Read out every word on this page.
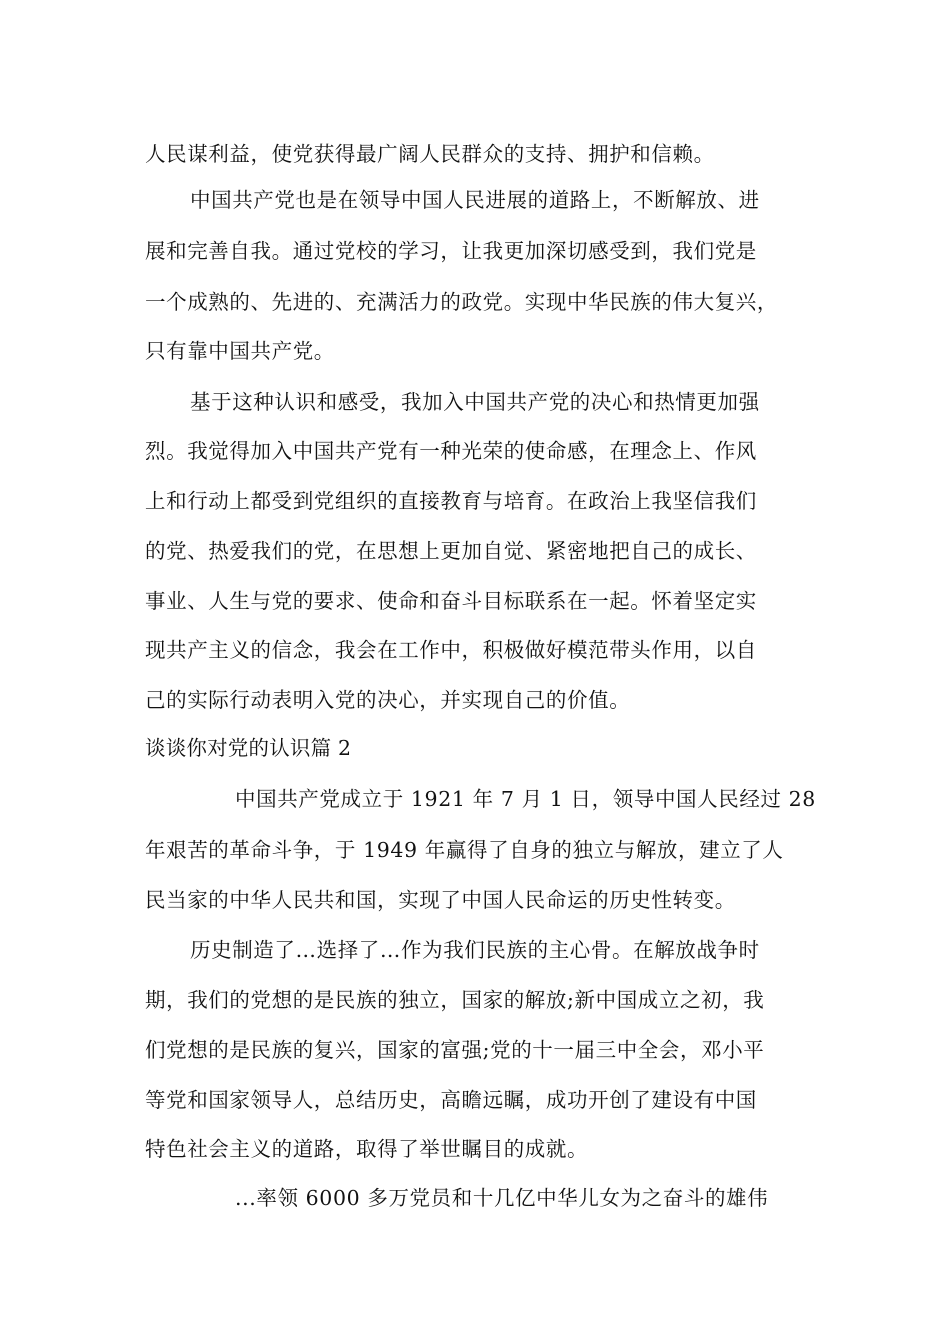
人民谋利益，使党获得最广阔人民群众的支持、拥护和信赖。
中国共产党也是在领导中国人民进展的道路上，不断解放、进
展和完善自我。通过党校的学习，让我更加深切感受到，我们党是
一个成熟的、先进的、充满活力的政党。实现中华民族的伟大复兴，
只有靠中国共产党。
基于这种认识和感受，我加入中国共产党的决心和热情更加强
烈。我觉得加入中国共产党有一种光荣的使命感，在理念上、作风
上和行动上都受到党组织的直接教育与培育。在政治上我坚信我们
的党、热爱我们的党，在思想上更加自觉、紧密地把自己的成长、
事业、人生与党的要求、使命和奋斗目标联系在一起。怀着坚定实
现共产主义的信念，我会在工作中，积极做好模范带头作用，以自
己的实际行动表明入党的决心，并实现自己的价值。
谈谈你对党的认识篇 2
中国共产党成立于 1921 年 7 月 1 日，领导中国人民经过 28
年艰苦的革命斗争，于 1949 年赢得了自身的独立与解放，建立了人
民当家的中华人民共和国，实现了中国人民命运的历史性转变。
历史制造了…选择了…作为我们民族的主心骨。在解放战争时
期，我们的党想的是民族的独立，国家的解放;新中国成立之初，我
们党想的是民族的复兴，国家的富强;党的十一届三中全会，邓小平
等党和国家领导人，总结历史，高瞻远瞩，成功开创了建设有中国
特色社会主义的道路，取得了举世瞩目的成就。
...率领 6000 多万党员和十几亿中华儿女为之奋斗的雄伟
